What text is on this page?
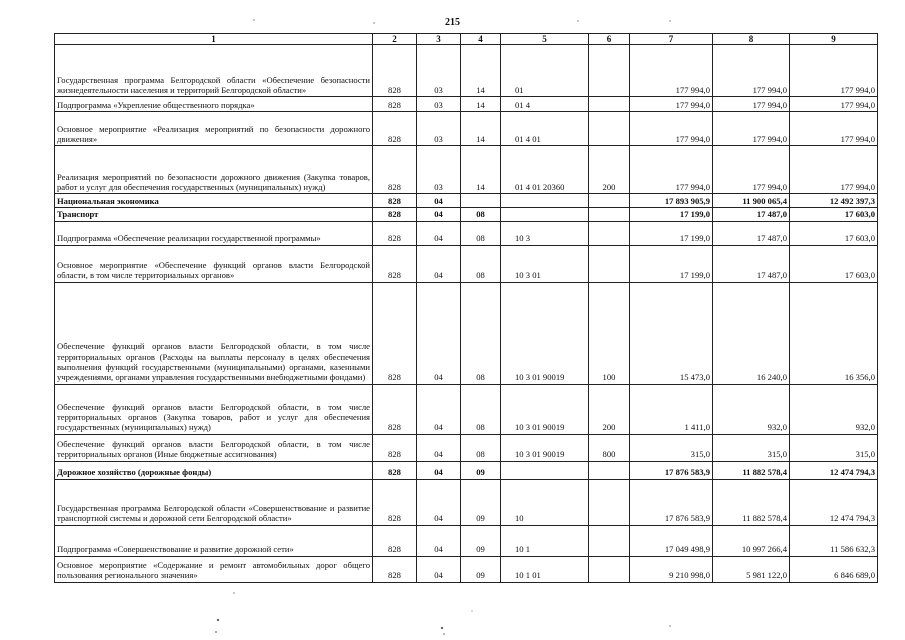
215
1	2	3	4	5	6	7	8	9
Государственная программа Белгородской области «Обеспечение безопасности жизнедеятельности населения и территорий Белгородской области»	828	03	14	01		177 994,0	177 994,0	177 994,0
Подпрограмма «Укрепление общественного порядка»	828	03	14	01 4		177 994,0	177 994,0	177 994,0
Основное мероприятие «Реализация мероприятий по безопасности дорожного движения»	828	03	14	01 4 01		177 994,0	177 994,0	177 994,0
Реализация мероприятий по безопасности дорожного движения (Закупка товаров, работ и услуг для обеспечения государственных (муниципальных) нужд)	828	03	14	01 4 01 20360	200	177 994,0	177 994,0	177 994,0
Национальная экономика	828	04				17 893 905,9	11 900 065,4	12 492 397,3
Транспорт	828	04	08			17 199,0	17 487,0	17 603,0
Подпрограмма «Обеспечение реализации государственной программы»	828	04	08	10 3		17 199,0	17 487,0	17 603,0
Основное мероприятие «Обеспечение функций органов власти Белгородской области, в том числе территориальных органов»	828	04	08	10 3 01		17 199,0	17 487,0	17 603,0
Обеспечение функций органов власти Белгородской области, в том числе территориальных органов (Расходы на выплаты персоналу в целях обеспечения выполнения функций государственными (муниципальными) органами, казенными учреждениями, органами управления государственными внебюджетными фондами)	828	04	08	10 3 01 90019	100	15 473,0	16 240,0	16 356,0
Обеспечение функций органов власти Белгородской области, в том числе территориальных органов (Закупка товаров, работ и услуг для обеспечения государственных (муниципальных) нужд)	828	04	08	10 3 01 90019	200	1 411,0	932,0	932,0
Обеспечение функций органов власти Белгородской области, в том числе территориальных органов (Иные бюджетные ассигнования)	828	04	08	10 3 01 90019	800	315,0	315,0	315,0
Дорожное хозяйство (дорожные фонды)	828	04	09			17 876 583,9	11 882 578,4	12 474 794,3
Государственная программа Белгородской области «Совершенствование и развитие транспортной системы и дорожной сети Белгородской области»	828	04	09	10		17 876 583,9	11 882 578,4	12 474 794,3
Подпрограмма «Совершенствование и развитие дорожной сети»	828	04	09	10 1		17 049 498,9	10 997 266,4	11 586 632,3
Основное мероприятие «Содержание и ремонт автомобильных дорог общего пользования регионального значения»	828	04	09	10 1 01		9 210 998,0	5 981 122,0	6 846 689,0
